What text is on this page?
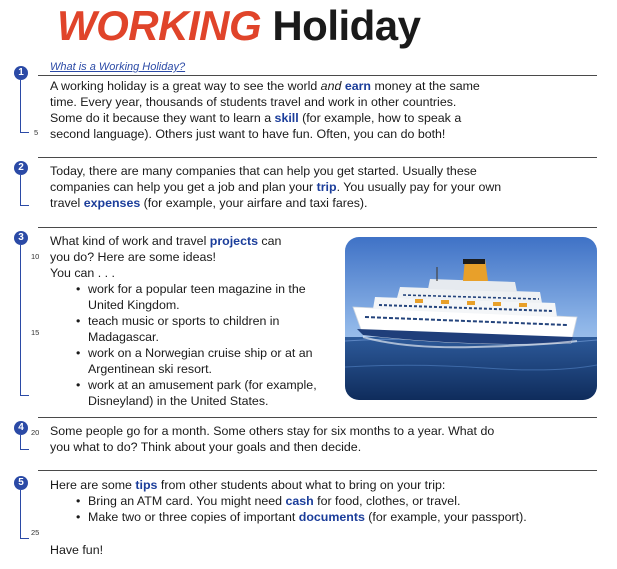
WORKING Holiday
1	What is a Working Holiday?

A working holiday is a great way to see the world and earn money at the same
time. Every year, thousands of students travel and work in other countries.
Some do it because they want to learn a skill (for example, how to speak a
second language). Others just want to have fun. Often, you can do both!

5
2	Today, there are many companies that can help you get started. Usually these
companies can help you get a job and plan your trip. You usually pay for your own
travel expenses (for example, your airfare and taxi fares).

3	What kind of work and travel projects can
you do? Here are some ideas!
You can . . .

10
• work for a popular teen magazine in the United Kingdom.
• teach music or sports to children in Madagascar.
• work on a Norwegian cruise ship or at an Argentinean ski resort.
• work at an amusement park (for example, Disneyland) in the United States.
15
4 20 Some people go for a month. Some others stay for six months to a year. What do
you what to do? Think about your goals and then decide.

5	Here are some tips from other students about what to bring on your trip:

• Bring an ATM card. You might need cash for food, clothes, or travel.
• Make two or three copies of important documents (for example, your passport).
25

Have fun!
